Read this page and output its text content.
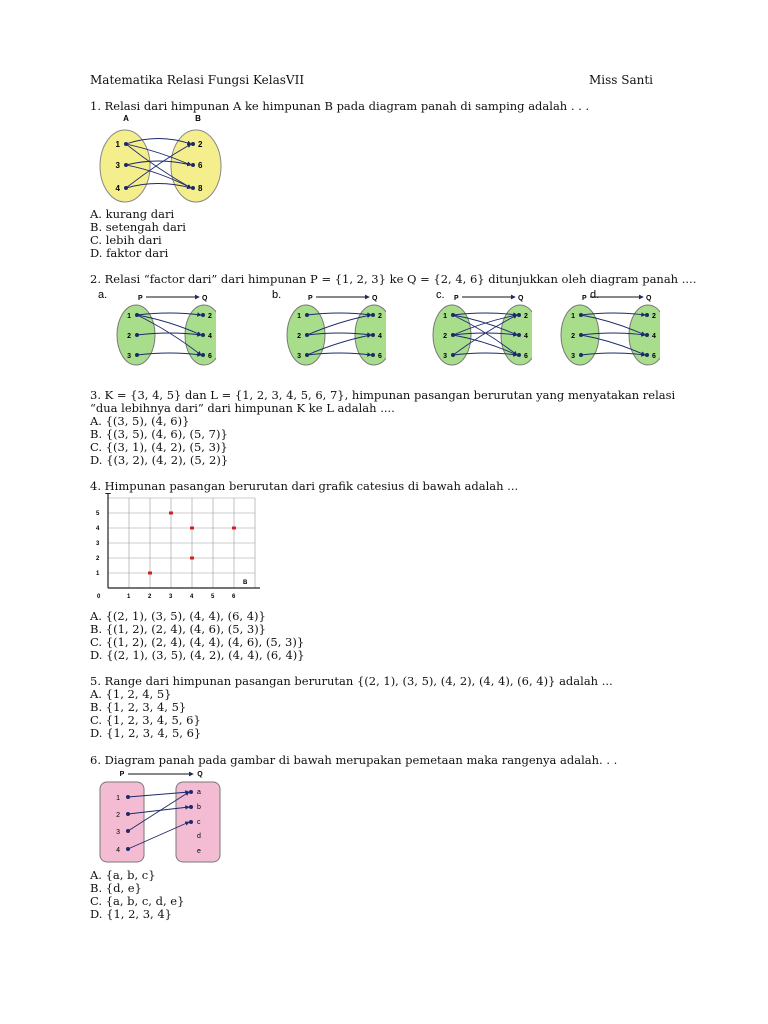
Matematika Relasi Fungsi KelasVII	Miss Santi
1. Relasi dari himpunan A ke himpunan B pada diagram panah di samping adalah . . .
A	B
1
3
4
2
6
8
A. kurang dari
B. setengah dari
C. lebih dari
D. faktor dari
2. Relasi “factor dari” dari himpunan P = {1, 2, 3} ke Q = {2, 4, 6} ditunjukkan oleh diagram panah ....
a.	P	Q
1	2
2	4
3	6
b.	P	Q
1	2
2	4
3	6
c. P	Q
1	2
2	4
3	6
d.
P	Q
1	2
2	4
3	6
3. K = {3, 4, 5} dan L = {1, 2, 3, 4, 5, 6, 7}, himpunan pasangan berurutan yang menyatakan relasi
“dua lebihnya dari” dari himpunan K ke L adalah ....
A. {(3, 5), (4, 6)}
B. {(3, 5), (4, 6), (5, 7)}
C. {(3, 1), (4, 2), (5, 3)}
D. {(3, 2), (4, 2), (5, 2)}
4. Himpunan pasangan berurutan dari grafik catesius di bawah adalah ...
0	1	2	3	4	5	6
1
2
3
4
5
B
A. {(2, 1), (3, 5), (4, 4), (6, 4)}
B. {(1, 2), (2, 4), (4, 6), (5, 3)}
C. {(1, 2), (2, 4), (4, 4), (4, 6), (5, 3)}
D. {(2, 1), (3, 5), (4, 2), (4, 4), (6, 4)}
5. Range dari himpunan pasangan berurutan {(2, 1), (3, 5), (4, 2), (4, 4), (6, 4)} adalah ...
A. {1, 2, 4, 5}
B. {1, 2, 3, 4, 5}
C. {1, 2, 3, 4, 5, 6}
D. {1, 2, 3, 4, 5, 6}
6. Diagram panah pada gambar di bawah merupakan pemetaan maka rangenya adalah. . .
P	Q
1
2
3
4
a
b
c
d
e
A. {a, b, c}
B. {d, e}
C. {a, b, c, d, e}
D. {1, 2, 3, 4}
